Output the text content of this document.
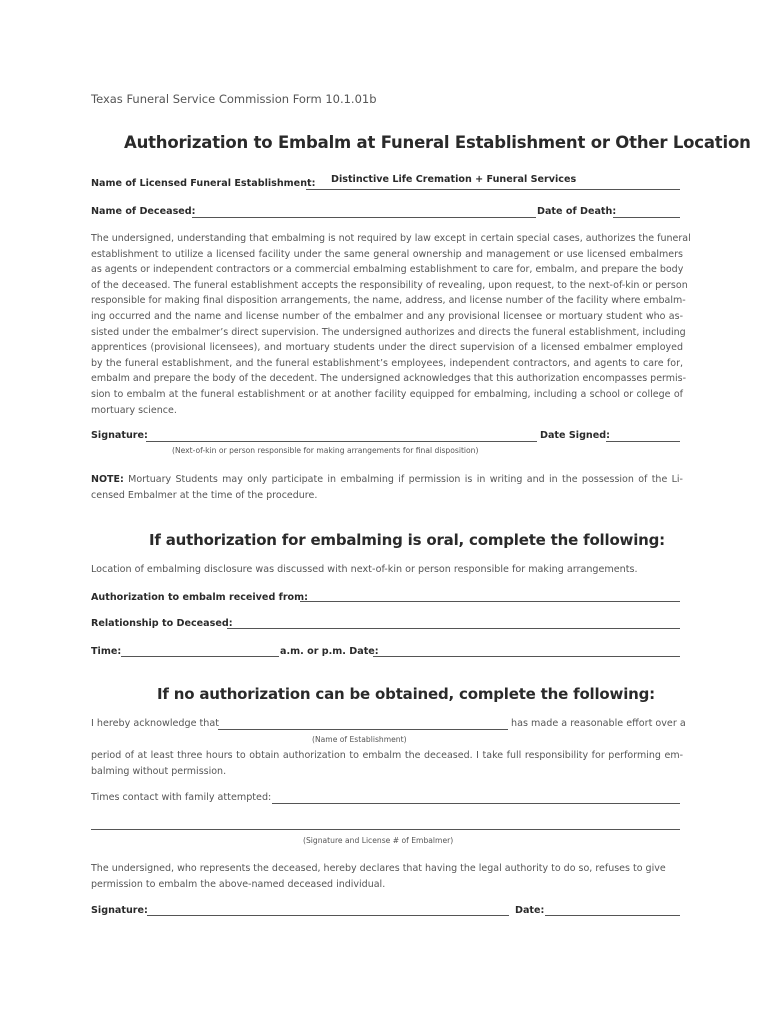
Texas Funeral Service Commission Form 10.1.01b
Authorization to Embalm at Funeral Establishment or Other Location
Name of Licensed Funeral Establishment: Distinctive Life Cremation + Funeral Services
Name of Deceased:	Date of Death:
The undersigned, understanding that embalming is not required by law except in certain special cases, authorizes the funeral
establishment to utilize a licensed facility under the same general ownership and management or use licensed embalmers
as agents or independent contractors or a commercial embalming establishment to care for, embalm, and prepare the body
of the deceased. The funeral establishment accepts the responsibility of revealing, upon request, to the next-of-kin or person
responsible for making final disposition arrangements, the name, address, and license number of the facility where embalm-
ing occurred and the name and license number of the embalmer and any provisional licensee or mortuary student who as-
sisted under the embalmer’s direct supervision. The undersigned authorizes and directs the funeral establishment, including
apprentices (provisional licensees), and mortuary students under the direct supervision of a licensed embalmer employed
by the funeral establishment, and the funeral establishment’s employees, independent contractors, and agents to care for,
embalm and prepare the body of the decedent. The undersigned acknowledges that this authorization encompasses permis-
sion to embalm at the funeral establishment or at another facility equipped for embalming, including a school or college of
mortuary science.
Signature:	Date Signed:
(Next-of-kin or person responsible for making arrangements for final disposition)
NOTE: Mortuary Students may only participate in embalming if permission is in writing and in the possession of the Li-
censed Embalmer at the time of the procedure.
If authorization for embalming is oral, complete the following:
Location of embalming disclosure was discussed with next-of-kin or person responsible for making arrangements.
Authorization to embalm received from:
Relationship to Deceased:
Time:	a.m. or p.m. Date:
If no authorization can be obtained, complete the following:
I hereby acknowledge that	has made a reasonable effort over a
(Name of Establishment)
period of at least three hours to obtain authorization to embalm the deceased. I take full responsibility for performing em-
balming without permission.
Times contact with family attempted:
(Signature and License # of Embalmer)
The undersigned, who represents the deceased, hereby declares that having the legal authority to do so, refuses to give
permission to embalm the above-named deceased individual.
Signature:	Date:
